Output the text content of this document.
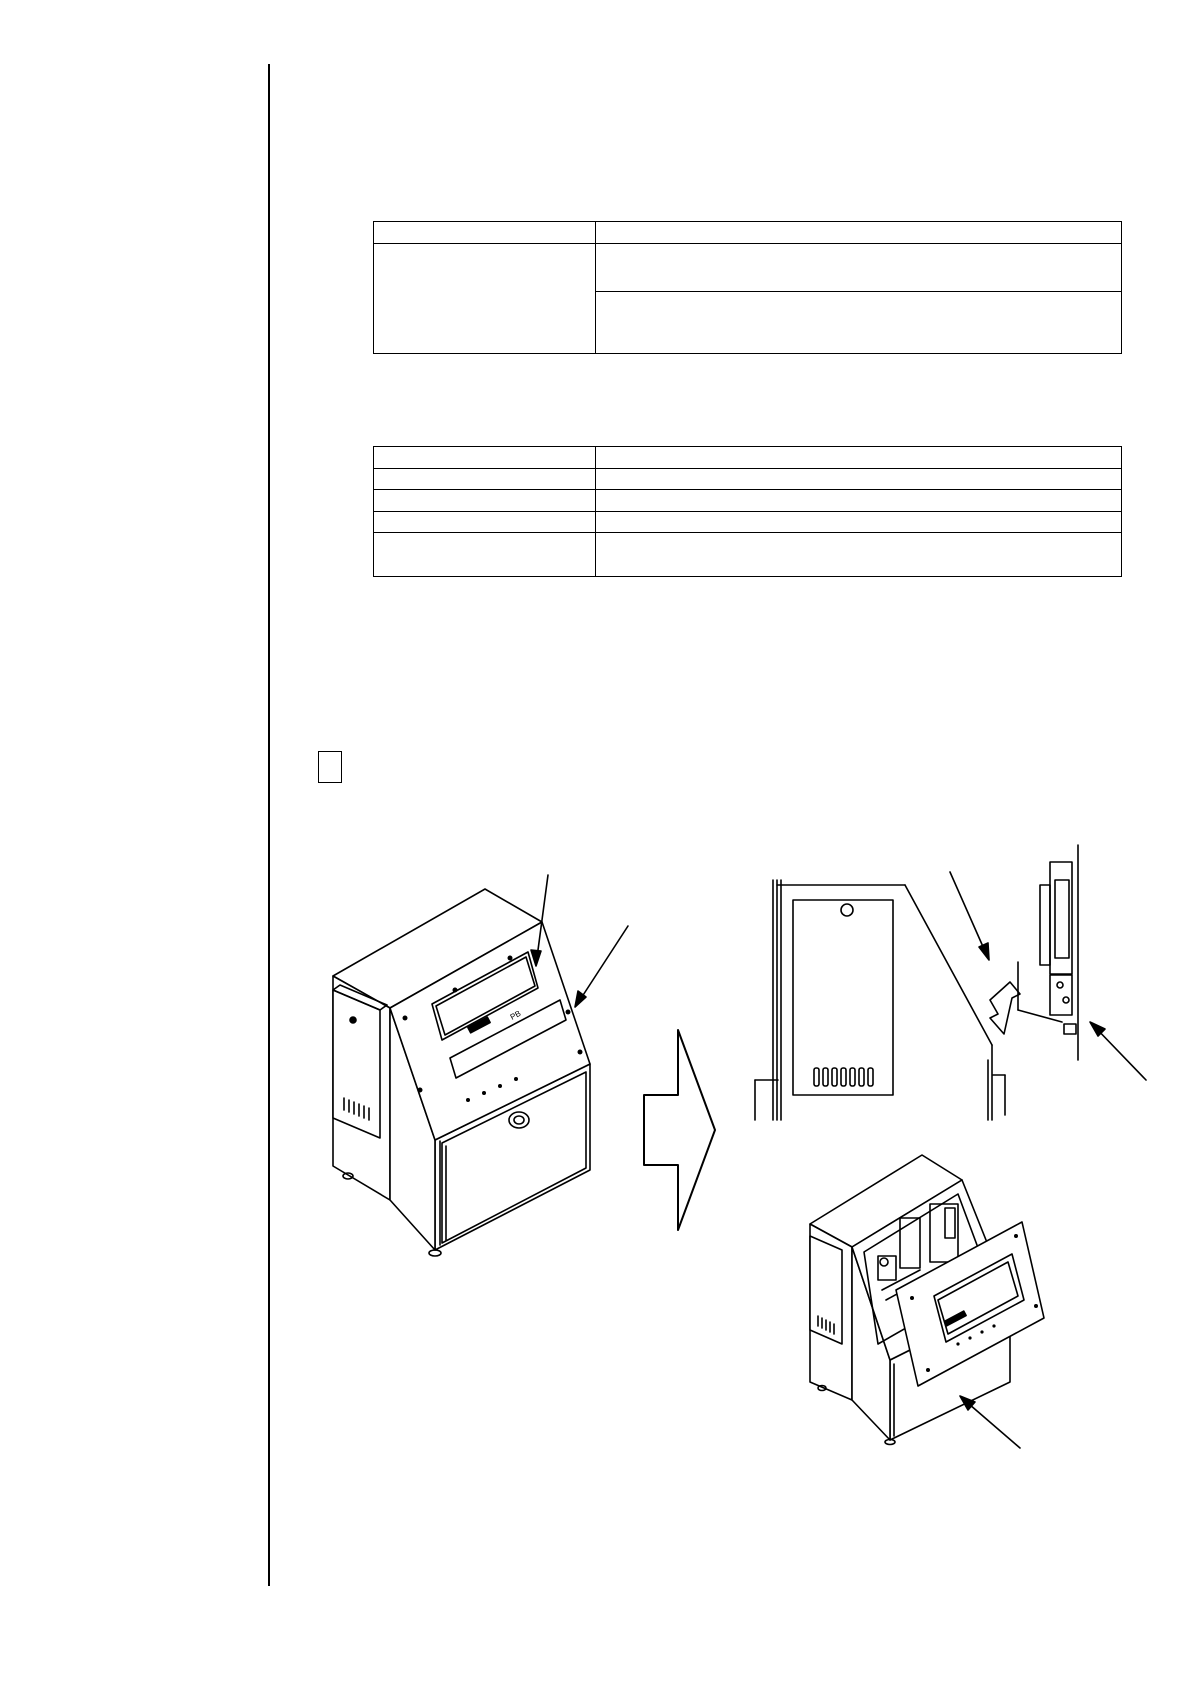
PB
